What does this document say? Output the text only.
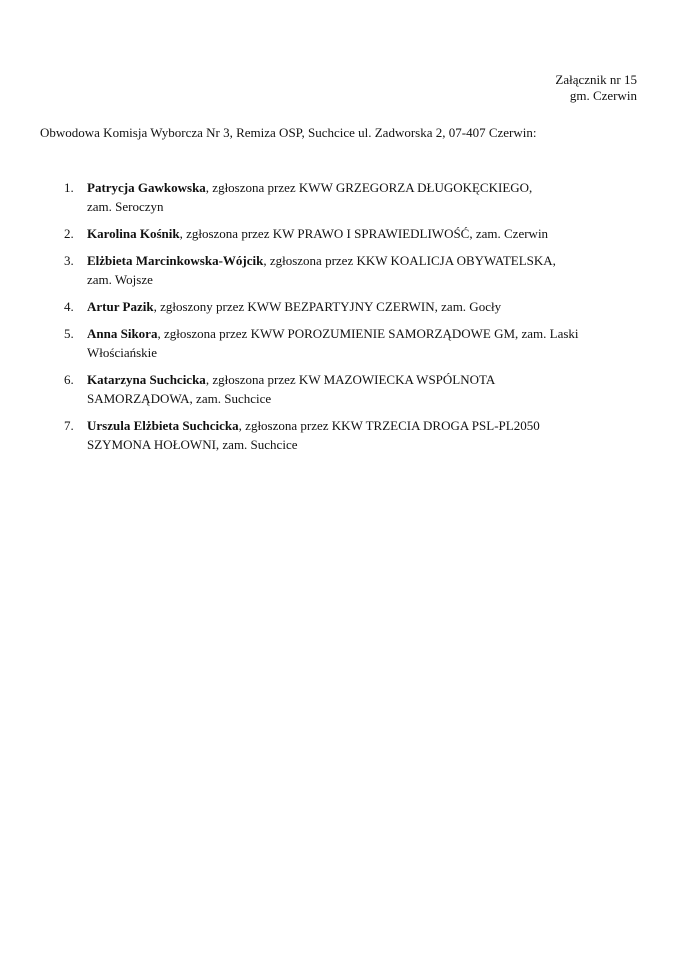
Załącznik nr 15
gm. Czerwin
Obwodowa Komisja Wyborcza Nr 3, Remiza OSP, Suchcice ul. Zadworska 2, 07-407 Czerwin:
1.	Patrycja Gawkowska, zgłoszona przez KWW GRZEGORZA DŁUGOKĘCKIEGO,
zam. Seroczyn
2.	Karolina Kośnik, zgłoszona przez KW PRAWO I SPRAWIEDLIWOŚĆ, zam. Czerwin
3.	Elżbieta Marcinkowska-Wójcik, zgłoszona przez KKW KOALICJA OBYWATELSKA,
zam. Wojsze
4.	Artur Pazik, zgłoszony przez KWW BEZPARTYJNY CZERWIN, zam. Gocły
5.	Anna Sikora, zgłoszona przez KWW POROZUMIENIE SAMORZĄDOWE GM, zam. Laski
Włościańskie
6.	Katarzyna Suchcicka, zgłoszona przez KW MAZOWIECKA WSPÓLNOTA
SAMORZĄDOWA, zam. Suchcice
7.	Urszula Elżbieta Suchcicka, zgłoszona przez KKW TRZECIA DROGA PSL-PL2050
SZYMONA HOŁOWNI, zam. Suchcice
